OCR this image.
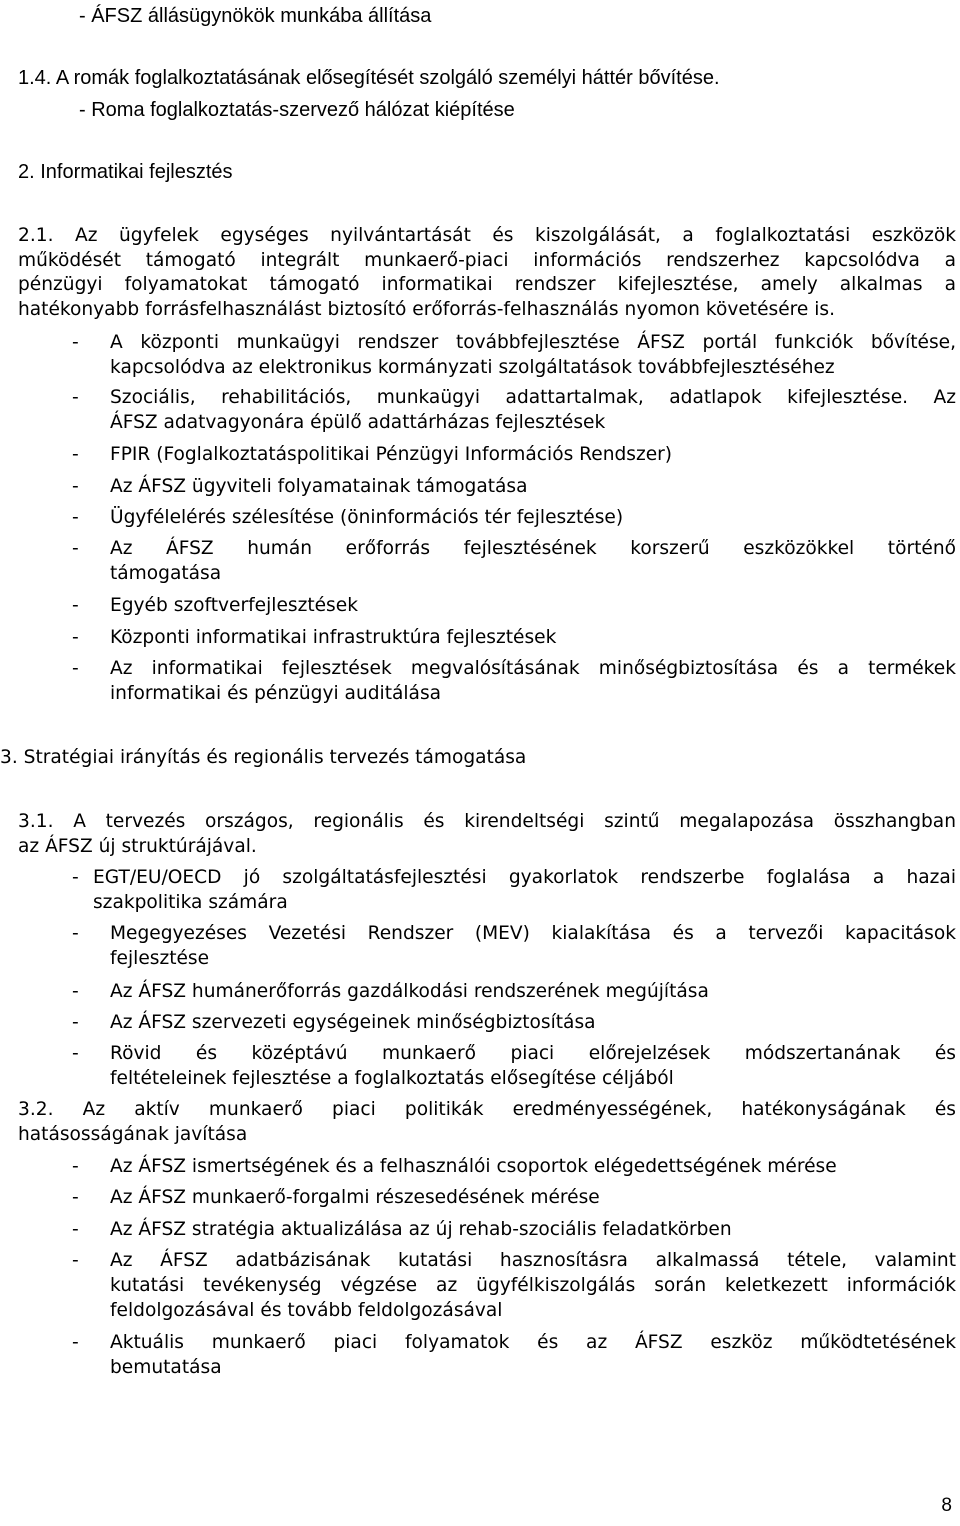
- ÁFSZ állásügynökök munkába állítása
1.4. A romák foglalkoztatásának elősegítését szolgáló személyi háttér bővítése.
- Roma foglalkoztatás-szervező hálózat kiépítése
2. Informatikai fejlesztés
2.1. Az ügyfelek egységes nyilvántartását és kiszolgálását, a foglalkoztatási eszközök
működését támogató integrált munkaerő-piaci információs rendszerhez kapcsolódva a
pénzügyi folyamatokat támogató informatikai rendszer kifejlesztése, amely alkalmas a
hatékonyabb forrásfelhasználást biztosító erőforrás-felhasználás nyomon követésére is.
- A központi munkaügyi rendszer továbbfejlesztése ÁFSZ portál funkciók bővítése,
kapcsolódva az elektronikus kormányzati szolgáltatások továbbfejlesztéséhez
- Szociális, rehabilitációs, munkaügyi adattartalmak, adatlapok kifejlesztése. Az
ÁFSZ adatvagyonára épülő adattárházas fejlesztések
- FPIR (Foglalkoztatáspolitikai Pénzügyi Információs Rendszer)
- Az ÁFSZ ügyviteli folyamatainak támogatása
- Ügyfélelérés szélesítése (öninformációs tér fejlesztése)
- Az ÁFSZ humán erőforrás fejlesztésének korszerű eszközökkel történő
támogatása
- Egyéb szoftverfejlesztések
- Központi informatikai infrastruktúra fejlesztések
- Az informatikai fejlesztések megvalósításának minőségbiztosítása és a termékek
informatikai és pénzügyi auditálása
3. Stratégiai irányítás és regionális tervezés támogatása
3.1. A tervezés országos, regionális és kirendeltségi szintű megalapozása összhangban
az ÁFSZ új struktúrájával.
- EGT/EU/OECD jó szolgáltatásfejlesztési gyakorlatok rendszerbe foglalása a hazai
szakpolitika számára
- Megegyezéses Vezetési Rendszer (MEV) kialakítása és a tervezői kapacitások
fejlesztése
- Az ÁFSZ humánerőforrás gazdálkodási rendszerének megújítása
- Az ÁFSZ szervezeti egységeinek minőségbiztosítása
- Rövid és középtávú munkaerő piaci előrejelzések módszertanának és
feltételeinek fejlesztése a foglalkoztatás elősegítése céljából
3.2. Az aktív munkaerő piaci politikák eredményességének, hatékonyságának és
hatásosságának javítása
- Az ÁFSZ ismertségének és a felhasználói csoportok elégedettségének mérése
- Az ÁFSZ munkaerő-forgalmi részesedésének mérése
- Az ÁFSZ stratégia aktualizálása az új rehab-szociális feladatkörben
- Az ÁFSZ adatbázisának kutatási hasznosításra alkalmassá tétele, valamint
kutatási tevékenység végzése az ügyfélkiszolgálás során keletkezett információk
feldolgozásával és tovább feldolgozásával
- Aktuális munkaerő piaci folyamatok és az ÁFSZ eszköz működtetésének
bemutatása
8
